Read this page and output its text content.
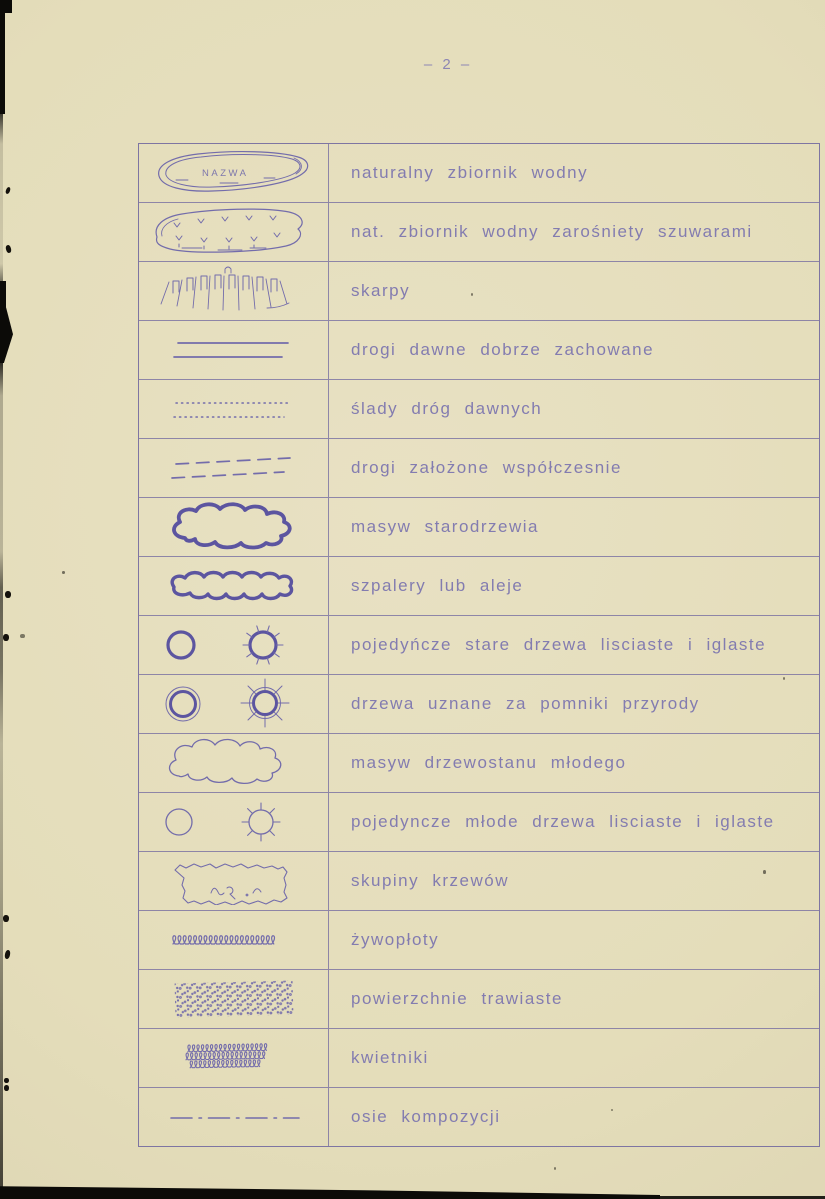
– 2 –
NAZWA	naturalny zbiornik wodny
nat. zbiornik wodny zarośniety szuwarami
skarpy
drogi dawne dobrze zachowane
ślady dróg dawnych
drogi założone współczesnie
masyw starodrzewia
szpalery lub aleje
pojedyńcze stare drzewa lisciaste i iglaste
drzewa uznane za pomniki przyrody
masyw drzewostanu młodego
pojedyncze młode drzewa lisciaste i iglaste
skupiny krzewów
żywopłoty
powierzchnie trawiaste
kwietniki
osie kompozycji
